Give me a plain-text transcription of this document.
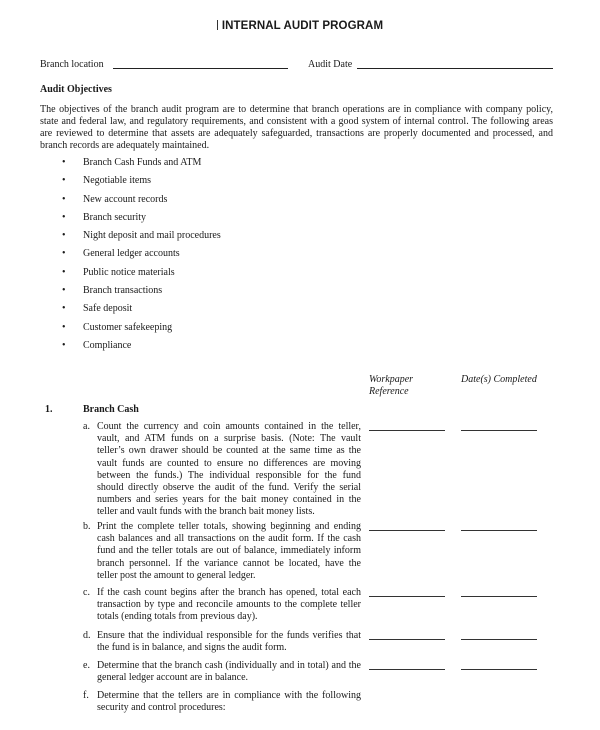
INTERNAL AUDIT PROGRAM
Branch location	Audit Date
Audit Objectives
The objectives of the branch audit program are to determine that branch operations are in compliance with company policy, state and federal law, and regulatory requirements, and consistent with a good system of internal control. The following areas are reviewed to determine that assets are adequately safeguarded, transactions are properly documented and processed, and branch records are adequately maintained.
• Branch Cash Funds and ATM
• Negotiable items
• New account records
• Branch security
• Night deposit and mail procedures
• General ledger accounts
• Public notice materials
• Branch transactions
• Safe deposit
• Customer safekeeping
• Compliance
Workpaper Reference
Date(s) Completed
1.	Branch Cash
a. Count the currency and coin amounts contained in the teller, vault, and ATM funds on a surprise basis. (Note: The vault teller’s own drawer should be counted at the same time as the vault funds are counted to ensure no differences are moving between the funds.) The individual responsible for the fund should directly observe the audit of the fund. Verify the serial numbers and series years for the bait money contained in the teller and vault funds with the branch bait money lists.
b. Print the complete teller totals, showing beginning and ending cash balances and all transactions on the audit form. If the cash fund and the teller totals are out of balance, immediately inform branch personnel. If the variance cannot be located, have the teller post the amount to general ledger.
c. If the cash count begins after the branch has opened, total each transaction by type and reconcile amounts to the complete teller totals (ending totals from previous day).
d. Ensure that the individual responsible for the funds verifies that the fund is in balance, and signs the audit form.
e. Determine that the branch cash (individually and in total) and the general ledger account are in balance.
f. Determine that the tellers are in compliance with the following security and control procedures:
